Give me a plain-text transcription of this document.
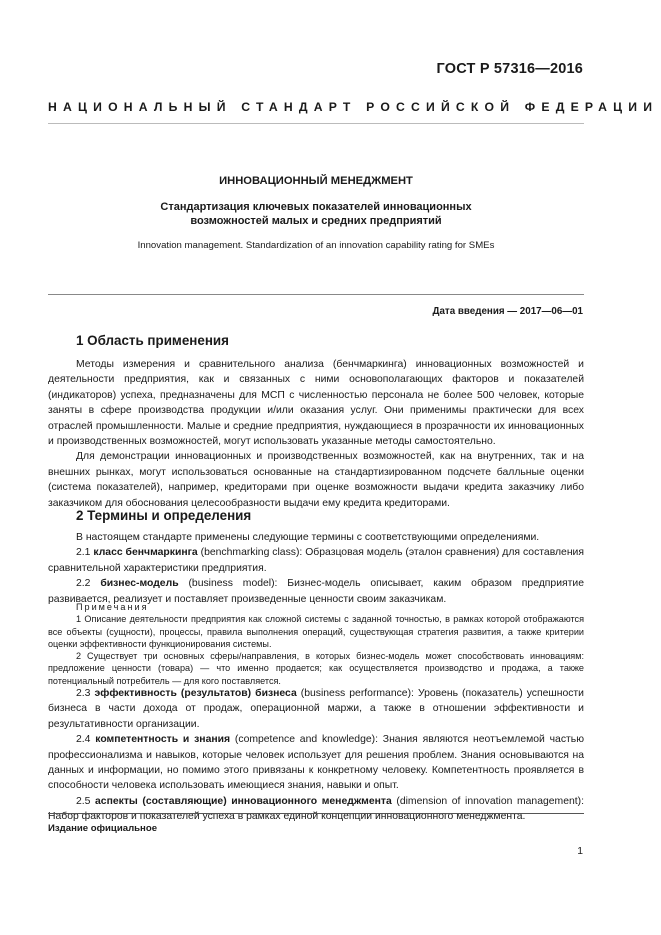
ГОСТ Р 57316—2016
НАЦИОНАЛЬНЫЙ СТАНДАРТ РОССИЙСКОЙ ФЕДЕРАЦИИ
ИННОВАЦИОННЫЙ МЕНЕДЖМЕНТ
Стандартизация ключевых показателей инновационных
возможностей малых и средних предприятий
Innovation management. Standardization of an innovation capability rating for SMEs
Дата введения — 2017—06—01
1 Область применения

Методы измерения и сравнительного анализа (бенчмаркинга) инновационных возможностей и деятельности предприятия, как и связанных с ними основополагающих факторов и показателей (индикаторов) успеха, предназначены для МСП с численностью персонала не более 500 человек, которые заняты в сфере производства продукции и/или оказания услуг. Они применимы практически для всех отраслей промышленности. Малые и средние предприятия, нуждающиеся в прозрачности их инновационных и производственных возможностей, могут использовать указанные методы самостоятельно.

Для демонстрации инновационных и производственных возможностей, как на внутренних, так и на внешних рынках, могут использоваться основанные на стандартизированном подсчете балльные оценки (система показателей), например, кредиторами при оценке возможности выдачи кредита заказчику либо заказчиком для обоснования целесообразности выдачи ему кредита кредиторами.

2 Термины и определения

В настоящем стандарте применены следующие термины с соответствующими определениями.

2.1 класс бенчмаркинга (benchmarking class): Образцовая модель (эталон сравнения) для составления сравнительной характеристики предприятия.

2.2 бизнес-модель (business model): Бизнес-модель описывает, каким образом предприятие развивается, реализует и поставляет произведенные ценности своим заказчикам.

Примечания

1 Описание деятельности предприятия как сложной системы с заданной точностью, в рамках которой отображаются все объекты (сущности), процессы, правила выполнения операций, существующая стратегия развития, а также критерии оценки эффективности функционирования системы.

2 Существует три основных сферы/направления, в которых бизнес-модель может способствовать инновациям: предложение ценности (товара) — что именно продается; как осуществляется производство и продажа, а также потенциальный потребитель — для кого поставляется.

2.3 эффективность (результатов) бизнеса (business performance): Уровень (показатель) успешности бизнеса в части дохода от продаж, операционной маржи, а также в отношении эффективности и результативности организации.

2.4 компетентность и знания (competence and knowledge): Знания являются неотъемлемой частью профессионализма и навыков, которые человек использует для решения проблем. Знания основываются на данных и информации, но помимо этого привязаны к конкретному человеку. Компетентность проявляется в способности человека использовать имеющиеся знания, навыки и опыт.

2.5 аспекты (составляющие) инновационного менеджмента (dimension of innovation management): Набор факторов и показателей успеха в рамках единой концепции инновационного менеджмента.

Издание официальное
1
